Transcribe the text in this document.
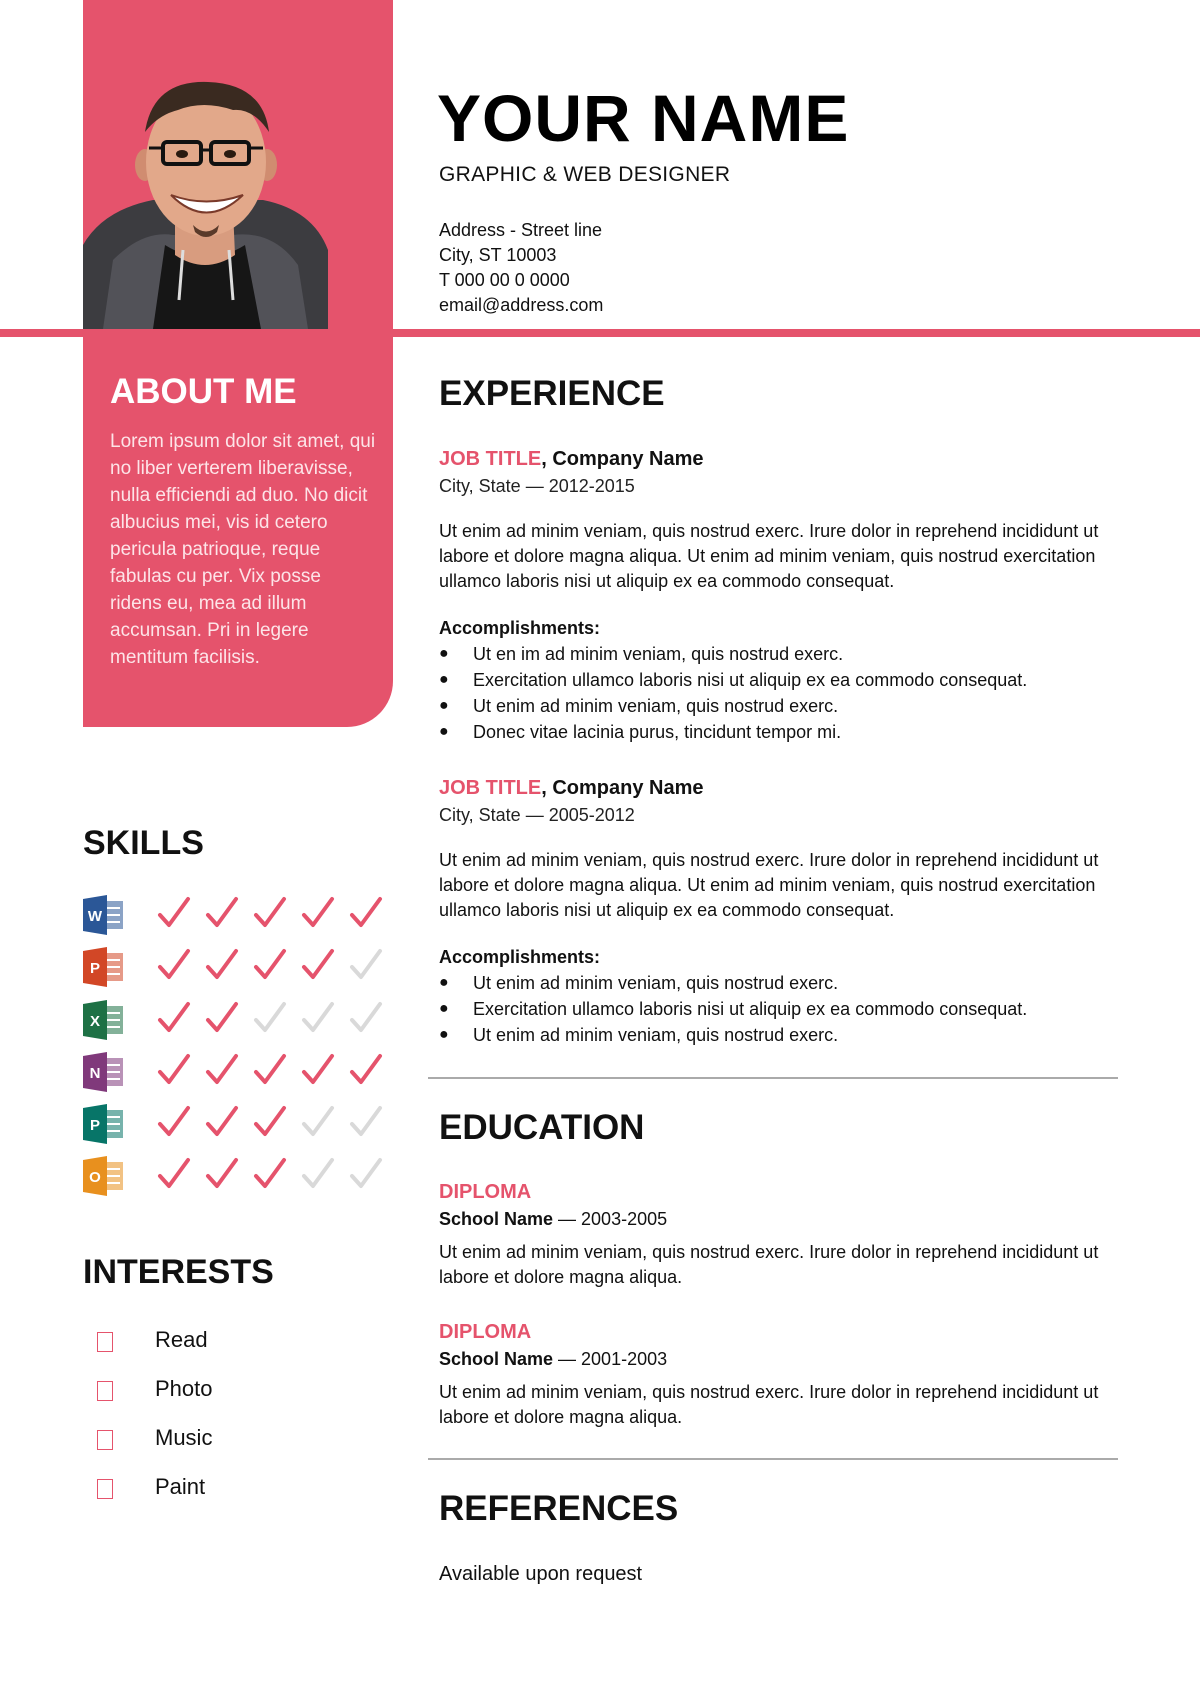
YOUR NAME
GRAPHIC & WEB DESIGNER
Address - Street line
City, ST 10003
T 000 00 0 0000
email@address.com
ABOUT ME
Lorem ipsum dolor sit amet, qui no liber verterem liberavisse, nulla efficiendi ad duo. No dicit albucius mei, vis id cetero pericula patrioque, reque fabulas cu per. Vix posse ridens eu, mea ad illum accumsan. Pri in legere mentitum facilisis.
SKILLS
W
P
X
N
P
O
INTERESTS
Read
Photo
Music
Paint
EXPERIENCE
JOB TITLE, Company Name
City, State — 2012-2015
Ut enim ad minim veniam, quis nostrud exerc. Irure dolor in reprehend incididunt ut labore et dolore magna aliqua. Ut enim ad minim veniam, quis nostrud exercitation ullamco laboris nisi ut aliquip ex ea commodo consequat.
Accomplishments:
● Ut en im ad minim veniam, quis nostrud exerc.
● Exercitation ullamco laboris nisi ut aliquip ex ea commodo consequat.
● Ut enim ad minim veniam, quis nostrud exerc.
● Donec vitae lacinia purus, tincidunt tempor mi.
JOB TITLE, Company Name
City, State — 2005-2012
Ut enim ad minim veniam, quis nostrud exerc. Irure dolor in reprehend incididunt ut labore et dolore magna aliqua. Ut enim ad minim veniam, quis nostrud exercitation ullamco laboris nisi ut aliquip ex ea commodo consequat.
Accomplishments:
● Ut enim ad minim veniam, quis nostrud exerc.
● Exercitation ullamco laboris nisi ut aliquip ex ea commodo consequat.
● Ut enim ad minim veniam, quis nostrud exerc.
EDUCATION
DIPLOMA
School Name — 2003-2005
Ut enim ad minim veniam, quis nostrud exerc. Irure dolor in reprehend incididunt ut labore et dolore magna aliqua.
DIPLOMA
School Name — 2001-2003
Ut enim ad minim veniam, quis nostrud exerc. Irure dolor in reprehend incididunt ut labore et dolore magna aliqua.
REFERENCES
Available upon request
